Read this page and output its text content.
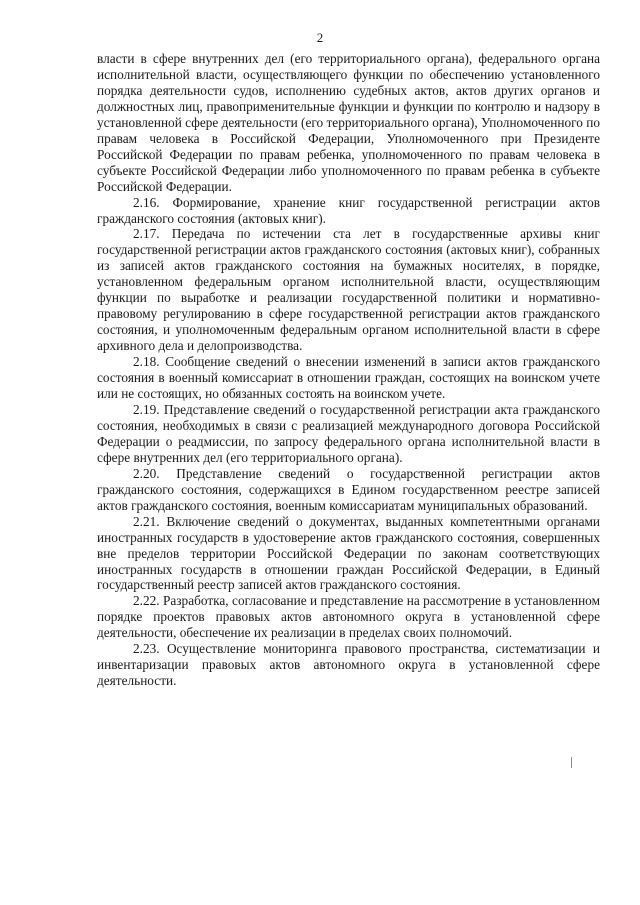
2

власти в сфере внутренних дел (его территориального органа), федерального органа исполнительной власти, осуществляющего функции по обеспечению установленного порядка деятельности судов, исполнению судебных актов, актов других органов и должностных лиц, правоприменительные функции и функции по контролю и надзору в установленной сфере деятельности (его территориального органа), Уполномоченного по правам человека в Российской Федерации, Уполномоченного при Президенте Российской Федерации по правам ребенка, уполномоченного по правам человека в субъекте Российской Федерации либо уполномоченного по правам ребенка в субъекте Российской Федерации.

2.16. Формирование, хранение книг государственной регистрации актов гражданского состояния (актовых книг).

2.17. Передача по истечении ста лет в государственные архивы книг государственной регистрации актов гражданского состояния (актовых книг), собранных из записей актов гражданского состояния на бумажных носителях, в порядке, установленном федеральным органом исполнительной власти, осуществляющим функции по выработке и реализации государственной политики и нормативно-правовому регулированию в сфере государственной регистрации актов гражданского состояния, и уполномоченным федеральным органом исполнительной власти в сфере архивного дела и делопроизводства.

2.18. Сообщение сведений о внесении изменений в записи актов гражданского состояния в военный комиссариат в отношении граждан, состоящих на воинском учете или не состоящих, но обязанных состоять на воинском учете.

2.19. Представление сведений о государственной регистрации акта гражданского состояния, необходимых в связи с реализацией международного договора Российской Федерации о реадмиссии, по запросу федерального органа исполнительной власти в сфере внутренних дел (его территориального органа).

2.20. Представление сведений о государственной регистрации актов гражданского состояния, содержащихся в Едином государственном реестре записей актов гражданского состояния, военным комиссариатам муниципальных образований.

2.21. Включение сведений о документах, выданных компетентными органами иностранных государств в удостоверение актов гражданского состояния, совершенных вне пределов территории Российской Федерации по законам соответствующих иностранных государств в отношении граждан Российской Федерации, в Единый государственный реестр записей актов гражданского состояния.

2.22. Разработка, согласование и представление на рассмотрение в установленном порядке проектов правовых актов автономного округа в установленной сфере деятельности, обеспечение их реализации в пределах своих полномочий.

2.23. Осуществление мониторинга правового пространства, систематизации и инвентаризации правовых актов автономного округа в установленной сфере деятельности.
